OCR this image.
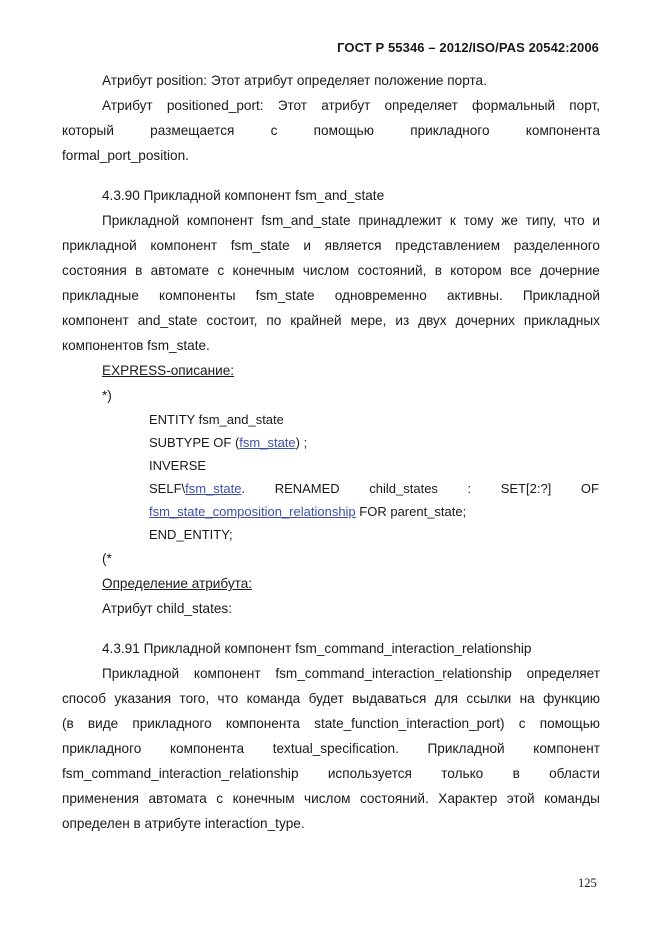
ГОСТ Р 55346 – 2012/ISO/PAS 20542:2006
Атрибут position: Этот атрибут определяет положение порта.
Атрибут positioned_port: Этот атрибут определяет формальный порт,
который	размещается	с	помощью	прикладного	компонента
formal_port_position.
4.3.90 Прикладной компонент fsm_and_state
Прикладной компонент fsm_and_state принадлежит к тому же типу, что и
прикладной компонент fsm_state и является представлением разделенного
состояния в автомате с конечным числом состояний, в котором все дочерние
прикладные компоненты fsm_state одновременно активны. Прикладной
компонент and_state состоит, по крайней мере, из двух дочерних прикладных
компонентов fsm_state.
EXPRESS-описание:
*)
ENTITY fsm_and_state
SUBTYPE OF (fsm_state) ;
INVERSE
SELF\fsm_state. RENAMED child_states : SET[2:?] OF
fsm_state_composition_relationship FOR parent_state;
END_ENTITY;
(*
Определение атрибута:
Атрибут child_states:
4.3.91 Прикладной компонент fsm_command_interaction_relationship
Прикладной компонент fsm_command_interaction_relationship определяет
способ указания того, что команда будет выдаваться для ссылки на функцию
(в виде прикладного компонента state_function_interaction_port) с помощью
прикладного компонента textual_specification. Прикладной компонент
fsm_command_interaction_relationship используется только в области
применения автомата с конечным числом состояний. Характер этой команды
определен в атрибуте interaction_type.
125
